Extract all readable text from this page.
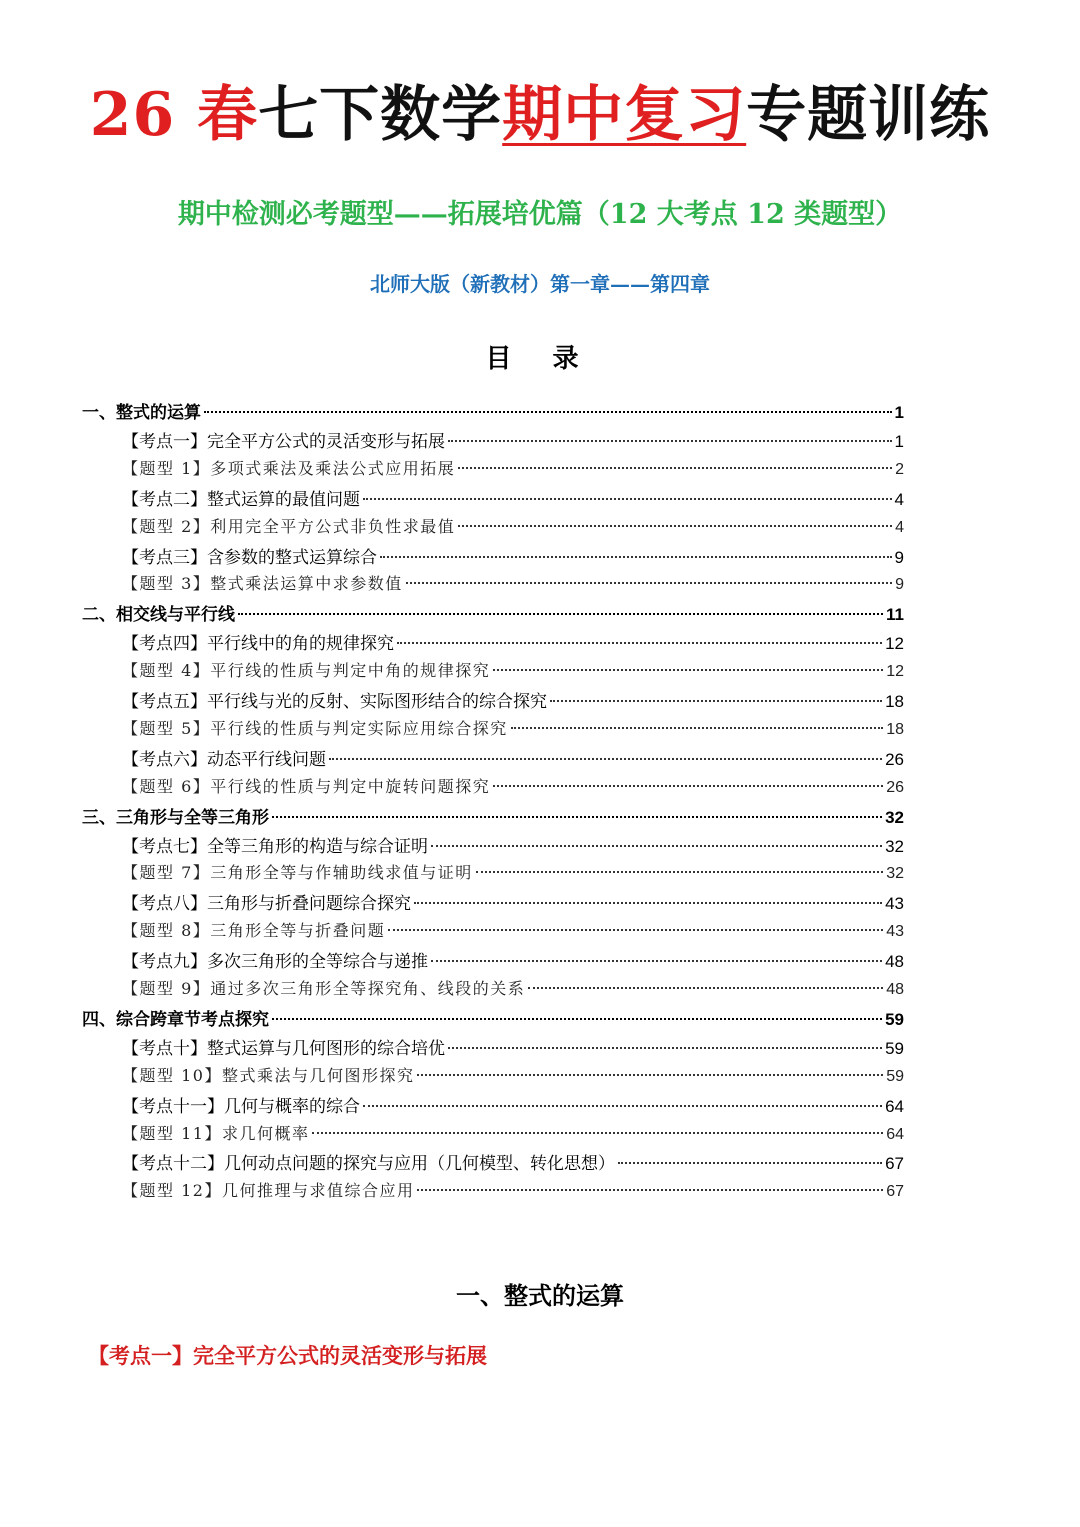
26 春七下数学期中复习专题训练
期中检测必考题型——拓展培优篇（12 大考点 12 类题型）
北师大版（新教材）第一章——第四章
目 录
一、整式的运算	1
【考点一】完全平方公式的灵活变形与拓展	1
【题型 1】多项式乘法及乘法公式应用拓展	2
【考点二】整式运算的最值问题	4
【题型 2】利用完全平方公式非负性求最值	4
【考点三】含参数的整式运算综合	9
【题型 3】整式乘法运算中求参数值	9
二、相交线与平行线	11
【考点四】平行线中的角的规律探究	12
【题型 4】平行线的性质与判定中角的规律探究	12
【考点五】平行线与光的反射、实际图形结合的综合探究	18
【题型 5】平行线的性质与判定实际应用综合探究	18
【考点六】动态平行线问题	26
【题型 6】平行线的性质与判定中旋转问题探究	26
三、三角形与全等三角形	32
【考点七】全等三角形的构造与综合证明	32
【题型 7】三角形全等与作辅助线求值与证明	32
【考点八】三角形与折叠问题综合探究	43
【题型 8】三角形全等与折叠问题	43
【考点九】多次三角形的全等综合与递推	48
【题型 9】通过多次三角形全等探究角、线段的关系	48
四、综合跨章节考点探究	59
【考点十】整式运算与几何图形的综合培优	59
【题型 10】整式乘法与几何图形探究	59
【考点十一】几何与概率的综合	64
【题型 11】求几何概率	64
【考点十二】几何动点问题的探究与应用（几何模型、转化思想）	67
【题型 12】几何推理与求值综合应用	67
一、整式的运算
【考点一】完全平方公式的灵活变形与拓展
